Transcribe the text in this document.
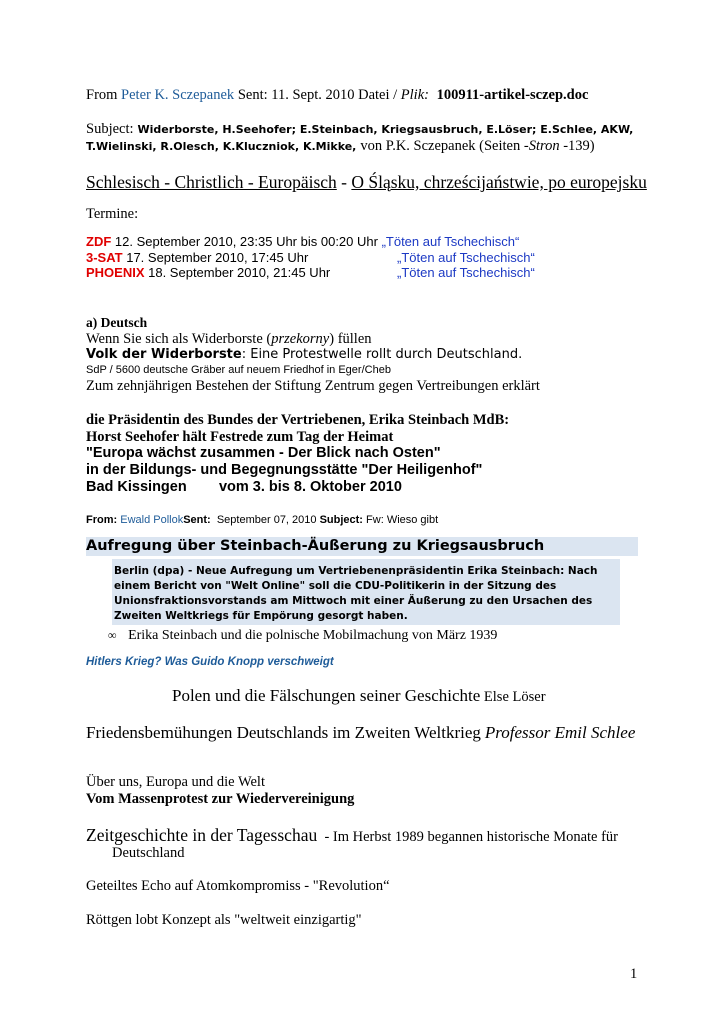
From Peter K. Sczepanek Sent: 11. Sept. 2010 Datei / Plik: 100911-artikel-sczep.doc
Subject: Widerborste, H.Seehofer; E.Steinbach, Kriegsausbruch, E.Löser; E.Schlee, AKW,
T.Wielinski, R.Olesch, K.Kluczniok, K.Mikke, von P.K. Sczepanek (Seiten -Stron -139)
Schlesisch - Christlich - Europäisch - O Śląsku, chrześcijaństwie, po europejsku
Termine:
ZDF 12. September 2010, 23:35 Uhr bis 00:20 Uhr „Töten auf Tschechisch“
3-SAT 17. September 2010, 17:45 Uhr	„Töten auf Tschechisch“
PHOENIX 18. September 2010, 21:45 Uhr	„Töten auf Tschechisch“
a) Deutsch
Wenn Sie sich als Widerborste (przekorny) füllen
Volk der Widerborste: Eine Protestwelle rollt durch Deutschland.
SdP / 5600 deutsche Gräber auf neuem Friedhof in Eger/Cheb
Zum zehnjährigen Bestehen der Stiftung Zentrum gegen Vertreibungen erklärt
die Präsidentin des Bundes der Vertriebenen, Erika Steinbach MdB:
Horst Seehofer hält Festrede zum Tag der Heimat
"Europa wächst zusammen - Der Blick nach Osten"
in der Bildungs- und Begegnungsstätte "Der Heiligenhof"
Bad Kissingen        vom 3. bis 8. Oktober 2010
From: Ewald PollokSent:  September 07, 2010 Subject: Fw: Wieso gibt
Aufregung über Steinbach-Äußerung zu Kriegsausbruch
Berlin (dpa) - Neue Aufregung um Vertriebenenpräsidentin Erika Steinbach: Nach
einem Bericht von "Welt Online" soll die CDU-Politikerin in der Sitzung des
Unionsfraktionsvorstands am Mittwoch mit einer Äußerung zu den Ursachen des
Zweiten Weltkriegs für Empörung gesorgt haben.
∞ Erika Steinbach und die polnische Mobilmachung von März 1939
Hitlers Krieg? Was Guido Knopp verschweigt
Polen und die Fälschungen seiner Geschichte Else Löser
Friedensbemühungen Deutschlands im Zweiten Weltkrieg Professor Emil Schlee
Über uns, Europa und die Welt
Vom Massenprotest zur Wiedervereinigung
Zeitgeschichte in der Tagesschau  - Im Herbst 1989 begannen historische Monate für
Deutschland
Geteiltes Echo auf Atomkompromiss - "Revolution“
Röttgen lobt Konzept als "weltweit einzigartig"
1
